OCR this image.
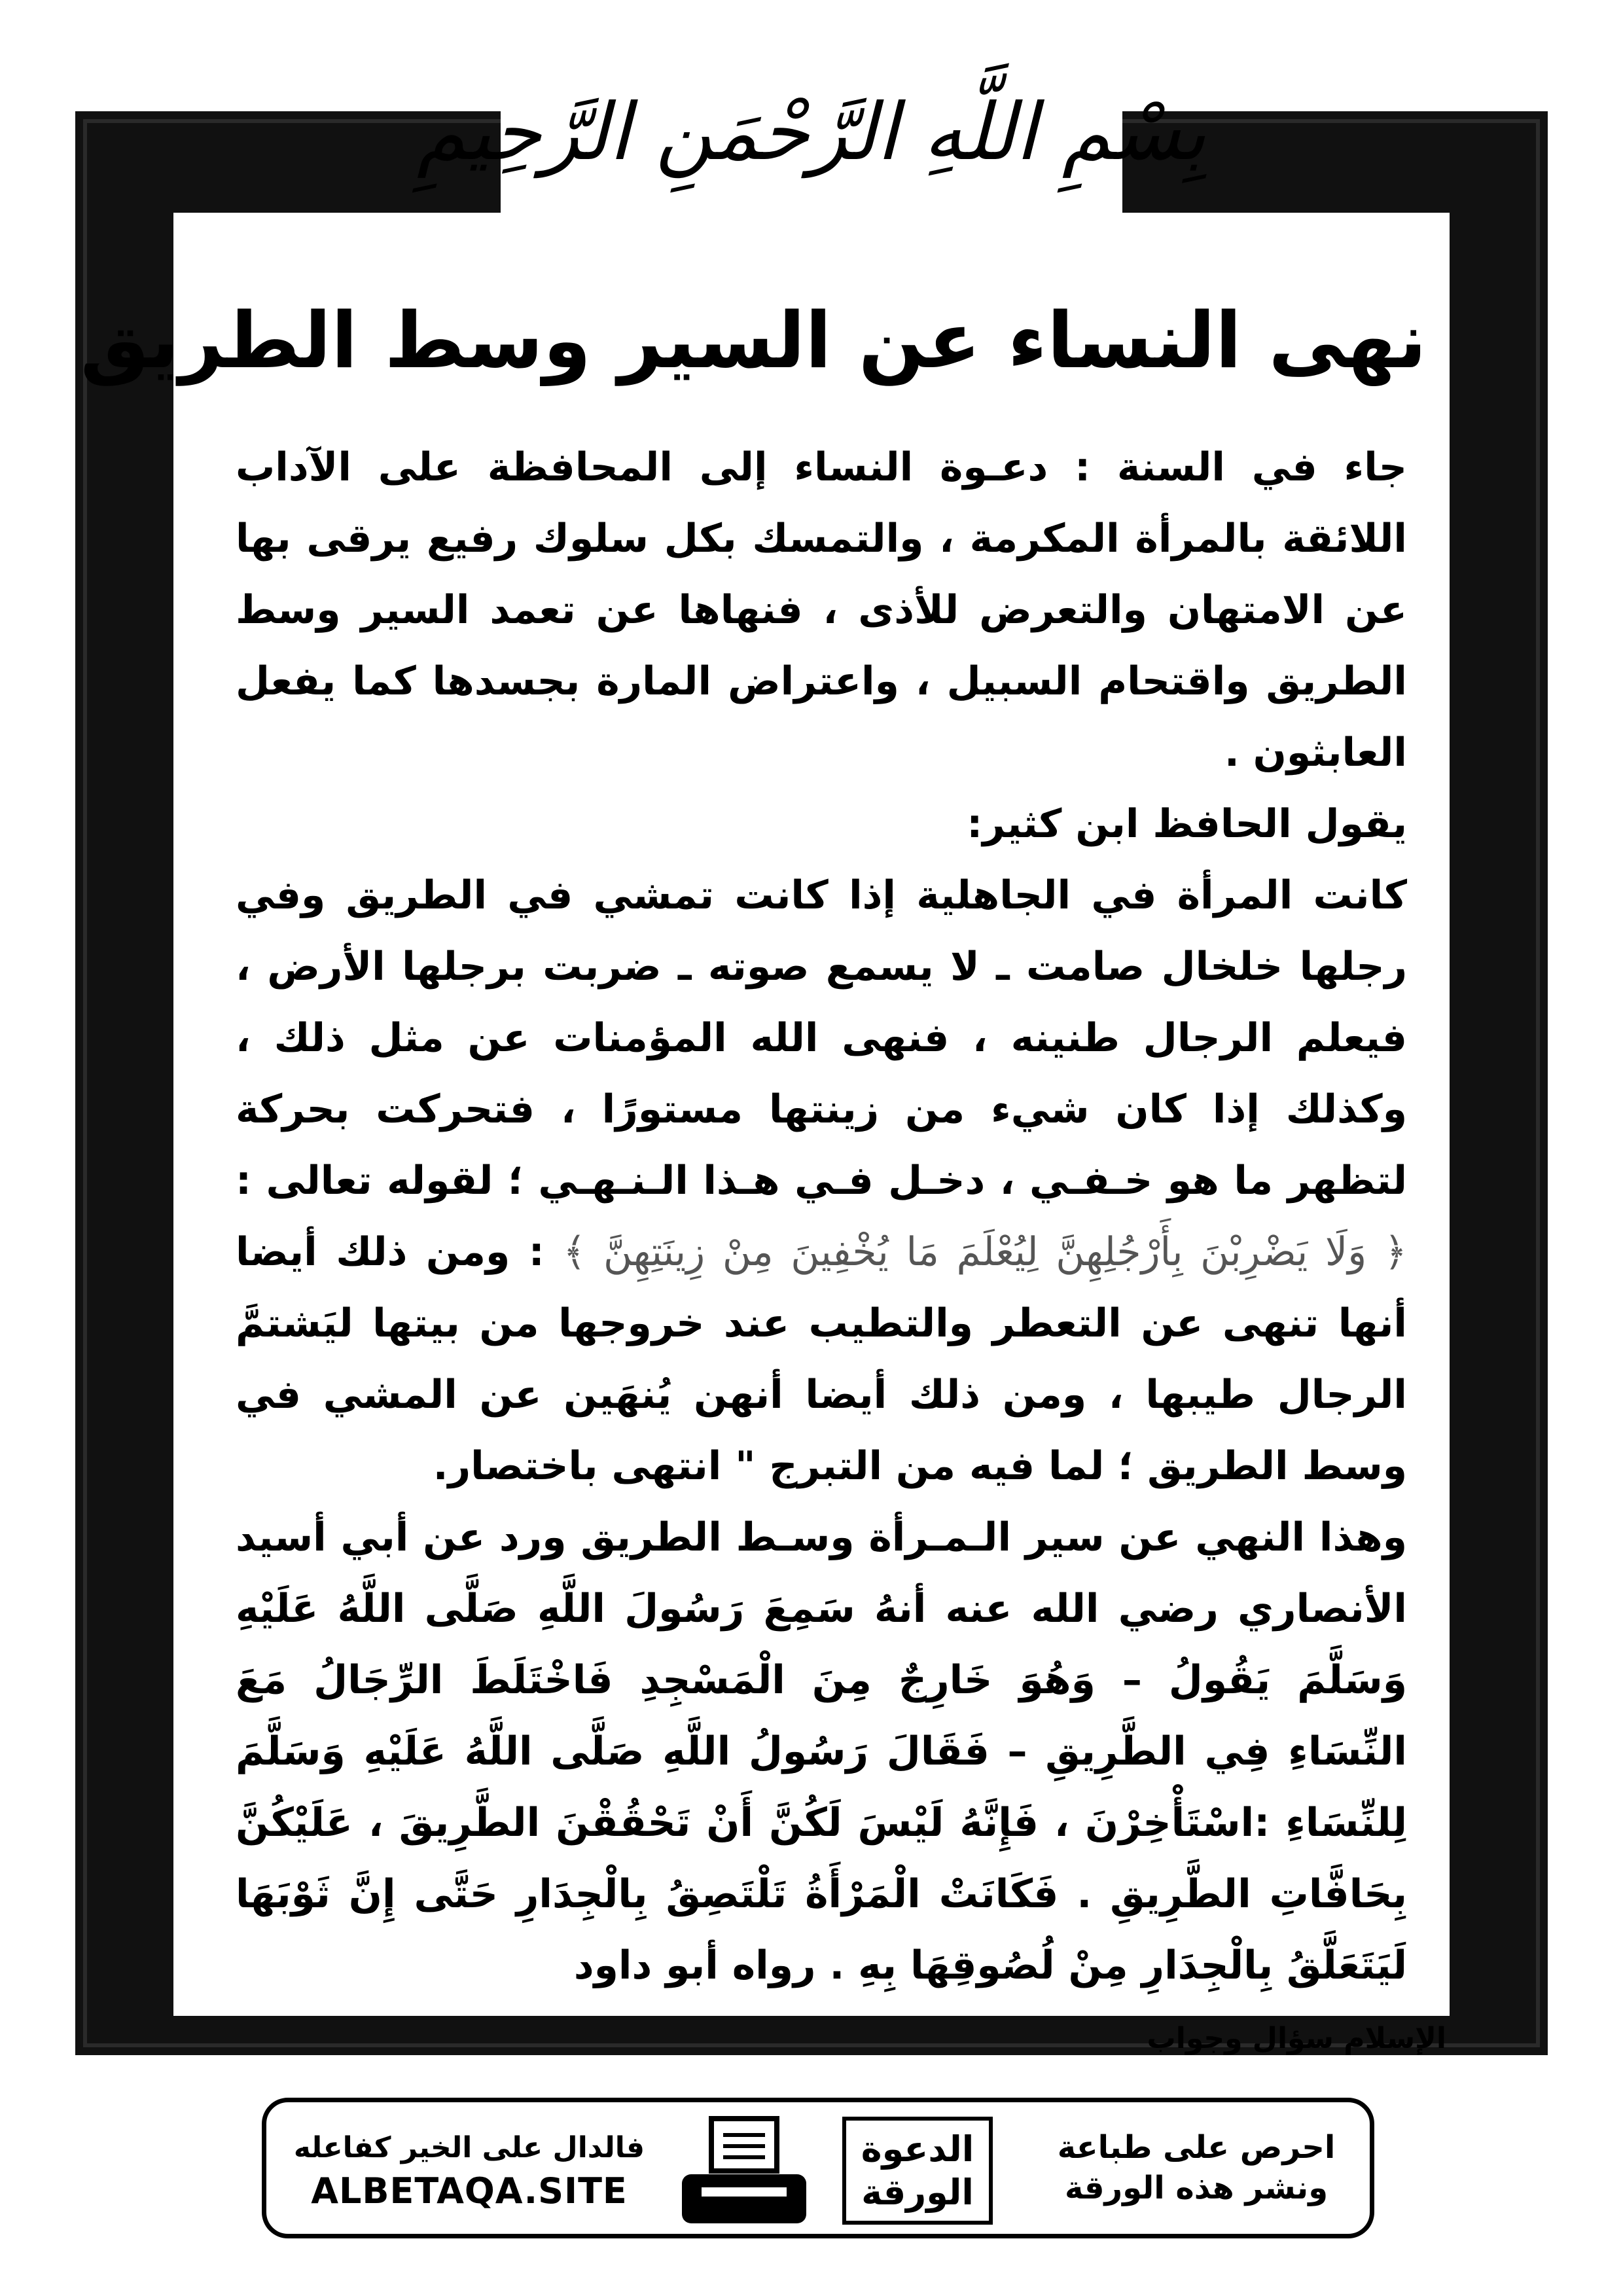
بِسْمِ اللَّهِ الرَّحْمَنِ الرَّحِيمِ
نهى النساء عن السير وسط الطريق

جاء في السنة : دعـوة النساء إلى المحافظة على الآداب اللائقة بالمرأة المكرمة ، والتمسك بكل سلوك رفيع يرقى بها عن الامتهان والتعرض للأذى ، فنهاها عن تعمد السير وسط الطريق واقتحام السبيل ، واعتراض المارة بجسدها كما يفعل العابثون .

يقول الحافظ ابن كثير:

كانت المرأة في الجاهلية إذا كانت تمشي في الطريق وفي رجلها خلخال صامت ـ لا يسمع صوته ـ ضربت برجلها الأرض ، فيعلم الرجال طنينه ، فنهى الله المؤمنات عن مثل ذلك ، وكذلك إذا كان شيء من زينتها مستورًا ، فتحركت بحركة لتظهر ما هو خـفـي ، دخـل فـي هـذا الـنـهـي ؛ لقوله تعالى : ﴿ وَلَا يَضْرِبْنَ بِأَرْجُلِهِنَّ لِيُعْلَمَ مَا يُخْفِينَ مِنْ زِينَتِهِنَّ ﴾ : ومن ذلك أيضا أنها تنهى عن التعطر والتطيب عند خروجها من بيتها ليَشتمَّ الرجال طيبها ، ومن ذلك أيضا أنهن يُنهَين عن المشي في وسط الطريق ؛ لما فيه من التبرج " انتهى باختصار.

وهذا النهي عن سير الـمـرأة وسـط الطريق ورد عن أبي أسيد الأنصاري رضي الله عنه أنهُ سَمِعَ رَسُولَ اللَّهِ صَلَّى اللَّهُ عَلَيْهِ وَسَلَّمَ يَقُولُ – وَهُوَ خَارِجٌ مِنَ الْمَسْجِدِ فَاخْتَلَطَ الرِّجَالُ مَعَ النِّسَاءِ فِي الطَّرِيقِ – فَقَالَ رَسُولُ اللَّهِ صَلَّى اللَّهُ عَلَيْهِ وَسَلَّمَ لِلنِّسَاءِ :اسْتَأْخِرْنَ ، فَإِنَّهُ لَيْسَ لَكُنَّ أَنْ تَحْقُقْنَ الطَّرِيقَ ، عَلَيْكُنَّ بِحَافَّاتِ الطَّرِيقِ . فَكَانَتْ الْمَرْأَةُ تَلْتَصِقُ بِالْجِدَارِ حَتَّى إِنَّ ثَوْبَهَا لَيَتَعَلَّقُ بِالْجِدَارِ مِنْ لُصُوقِهَا بِهِ . رواه أبو داود

الإسلام سؤال وجواب
احرص على طباعة
ونشر هذه الورقة
الدعوة
الورقة
فالدال على الخير كفاعله
ALBETAQA.SITE
